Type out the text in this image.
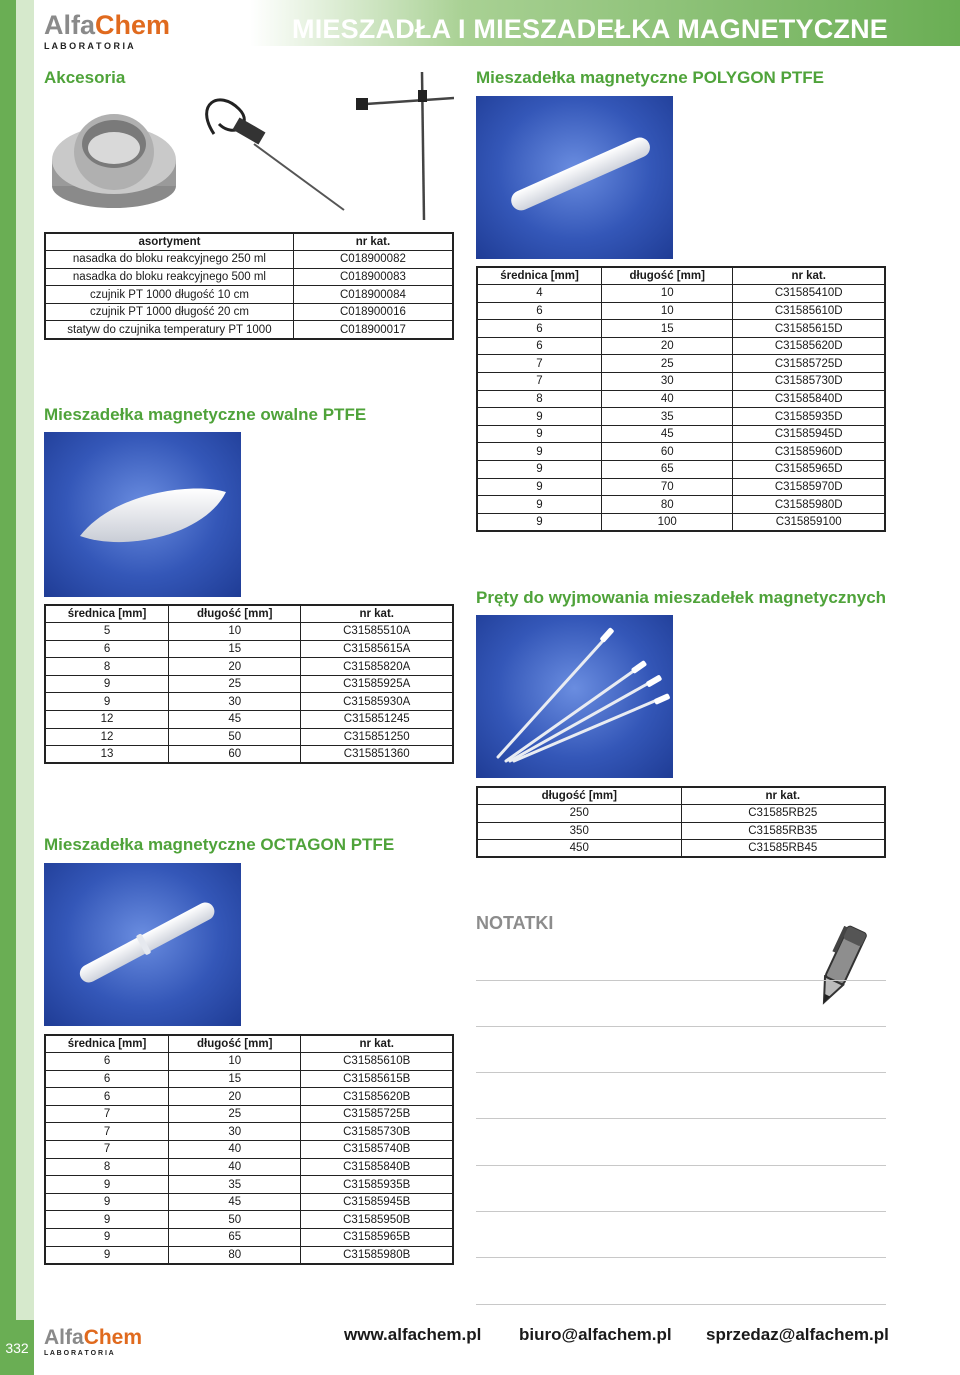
MIESZADŁA I MIESZADEŁKA MAGNETYCZNE
AlfaChem
L A B O R A T O R I A
Akcesoria
asortyment	nr kat.
nasadka do bloku reakcyjnego 250 ml	C018900082
nasadka do bloku reakcyjnego 500 ml	C018900083
czujnik PT 1000 długość 10 cm	C018900084
czujnik PT 1000 długość 20 cm	C018900016
statyw do czujnika temperatury PT 1000	C018900017
Mieszadełka magnetyczne owalne PTFE
średnica [mm]	długość [mm]	nr kat.
5	10	C31585510A
6	15	C31585615A
8	20	C31585820A
9	25	C31585925A
9	30	C31585930A
12	45	C315851245
12	50	C315851250
13	60	C315851360
Mieszadełka magnetyczne OCTAGON PTFE
średnica [mm]	długość [mm]	nr kat.
6	10	C31585610B
6	15	C31585615B
6	20	C31585620B
7	25	C31585725B
7	30	C31585730B
7	40	C31585740B
8	40	C31585840B
9	35	C31585935B
9	45	C31585945B
9	50	C31585950B
9	65	C31585965B
9	80	C31585980B
Mieszadełka magnetyczne POLYGON PTFE
średnica [mm]	długość [mm]	nr kat.
4	10	C31585410D
6	10	C31585610D
6	15	C31585615D
6	20	C31585620D
7	25	C31585725D
7	30	C31585730D
8	40	C31585840D
9	35	C31585935D
9	45	C31585945D
9	60	C31585960D
9	65	C31585965D
9	70	C31585970D
9	80	C31585980D
9	100	C315859100
Pręty do wyjmowania mieszadełek magnetycznych
długość [mm]	nr kat.
250	C31585RB25
350	C31585RB35
450	C31585RB45
NOTATKI
332 AlfaChem
L A B O R A T O R I A
www.alfachem.pl biuro@alfachem.pl sprzedaz@alfachem.pl
